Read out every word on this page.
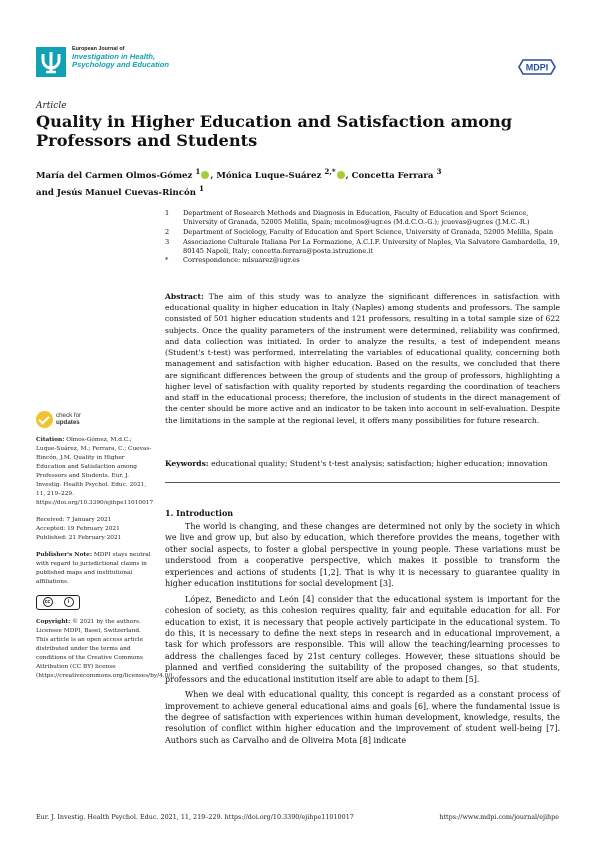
European Journal of
Investigation in Health,
Psychology and Education	MDPI
Article
Quality in Higher Education and Satisfaction among Professors and Students
María del Carmen Olmos-Gómez $^1$ , Mónica Luque-Suárez $^{2,*}$ , Concetta Ferrara $^3$
and Jesús Manuel Cuevas-Rincón $^1$
1 Department of Research Methods and Diagnosis in Education, Faculty of Education and Sport Science, University of Granada, 52005 Melilla, Spain; mcolmos@ugr.es (M.d.C.O.-G.); jcuevas@ugr.es (J.M.C.-R.)
2 Department of Sociology, Faculty of Education and Sport Science, University of Granada, 52005 Melilla, Spain
3 Associazione Culturale Italiana Per La Formazione, A.C.I.F. University of Naples, Via Salvatore Gambardella, 19, 80145 Napoli, Italy; concetta.ferrara@posta.istruzione.it
* Correspondence: mlsuarez@ugr.es
Abstract: The aim of this study was to analyze the significant differences in satisfaction with educational quality in higher education in Italy (Naples) among students and professors. The sample consisted of 501 higher education students and 121 professors, resulting in a total sample size of 622 subjects. Once the quality parameters of the instrument were determined, reliability was confirmed, and data collection was initiated. In order to analyze the results, a test of independent means (Student's t-test) was performed, interrelating the variables of educational quality, concerning both management and satisfaction with higher education. Based on the results, we concluded that there are significant differences between the group of students and the group of professors, highlighting a higher level of satisfaction with quality reported by students regarding the coordination of teachers and staff in the educational process; therefore, the inclusion of students in the direct management of the center should be more active and an indicator to be taken into account in self-evaluation. Despite the limitations in the sample at the regional level, it offers many possibilities for future research.
Keywords: educational quality; Student's t-test analysis; satisfaction; higher education; innovation
1. Introduction

The world is changing, and these changes are determined not only by the society in which we live and grow up, but also by education, which therefore provides the means, together with other social aspects, to foster a global perspective in young people. These variations must be understood from a cooperative perspective, which makes it possible to transform the experiences and actions of students [1,2]. That is why it is necessary to guarantee quality in higher education institutions for social development [3].

López, Benedicto and León [4] consider that the educational system is important for the cohesion of society, as this cohesion requires quality, fair and equitable education for all. For education to exist, it is necessary that people actively participate in the educational system. To do this, it is necessary to define the next steps in research and in educational improvement, a task for which professors are responsible. This will allow the teaching/learning processes to address the challenges faced by 21st century colleges. However, these situations should be planned and verified considering the suitability of the proposed changes, so that students, professors and the educational institution itself are able to adapt to them [5].

When we deal with educational quality, this concept is regarded as a constant process of improvement to achieve general educational aims and goals [6], where the fundamental issue is the degree of satisfaction with experiences within human development, knowledge, results, the resolution of conflict within higher education and the improvement of student well-being [7]. Authors such as Carvalho and de Oliveira Mota [8] indicate

check for
updates

Citation: Olmos-Gómez, M.d.C.; Luque-Suárez, M.; Ferrara, C.; Cuevas-Rincón, J.M. Quality in Higher Education and Satisfaction among Professors and Students. Eur. J. Investig. Health Psychol. Educ. 2021, 11, 219–229. https://doi.org/10.3390/ejihpe11010017

Received: 7 January 2021
Accepted: 19 February 2021
Published: 21 February 2021

Publisher's Note: MDPI stays neutral with regard to jurisdictional claims in published maps and institutional affiliations.

cc	i

Copyright: © 2021 by the authors. Licensee MDPI, Basel, Switzerland. This article is an open access article distributed under the terms and conditions of the Creative Commons Attribution (CC BY) license (https://creativecommons.org/licenses/by/4.0/).

Eur. J. Investig. Health Psychol. Educ. 2021, 11, 219–229. https://doi.org/10.3390/ejihpe11010017	https://www.mdpi.com/journal/ejihpe
